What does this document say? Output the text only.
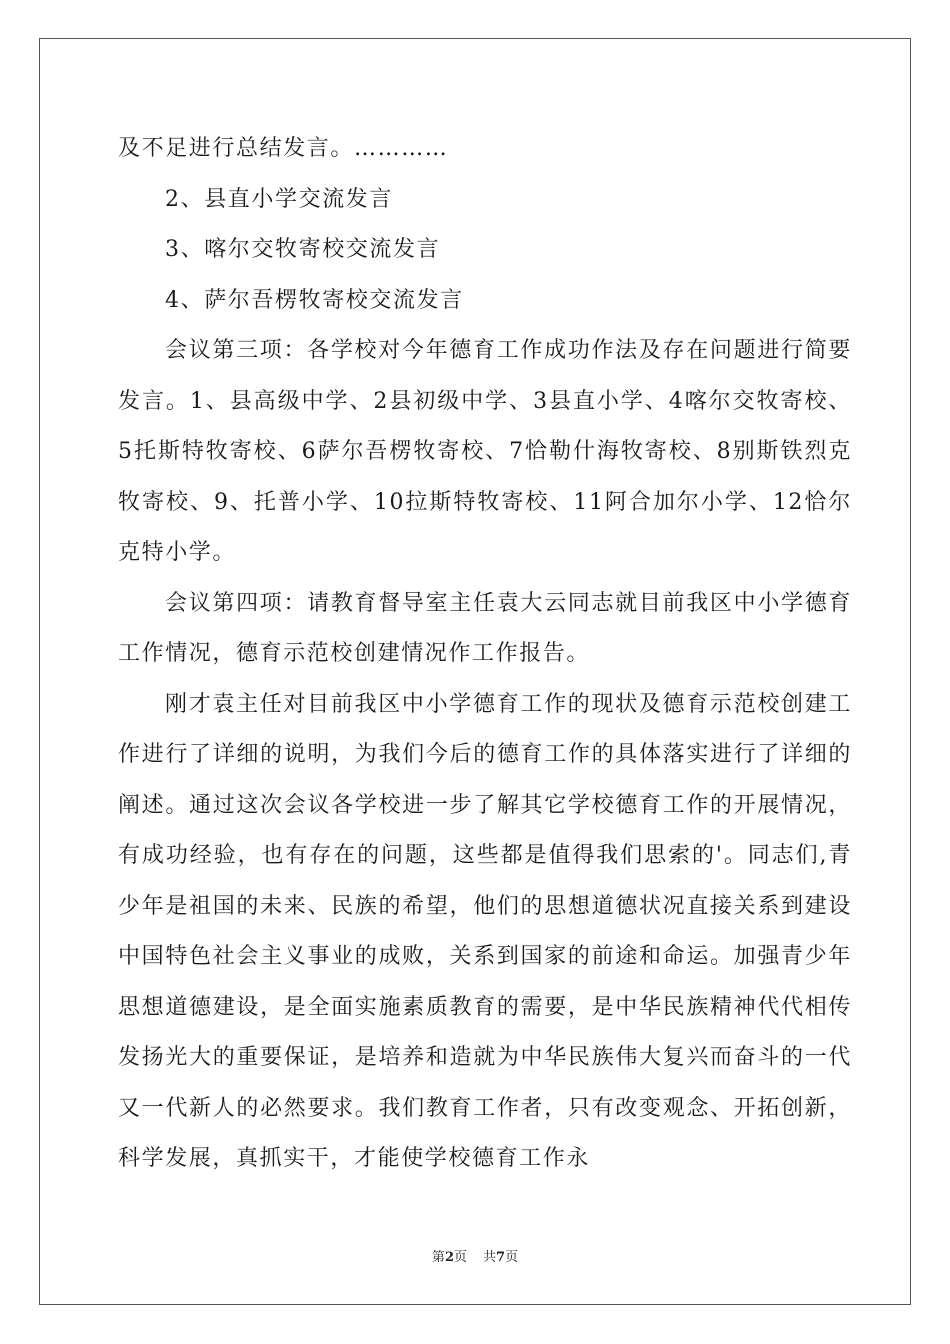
及不足进行总结发言。…………

2、县直小学交流发言

3、喀尔交牧寄校交流发言

4、萨尔吾楞牧寄校交流发言

会议第三项：各学校对今年德育工作成功作法及存在问题进行简要发言。1、县高级中学、2县初级中学、3县直小学、4喀尔交牧寄校、5托斯特牧寄校、6萨尔吾楞牧寄校、7恰勒什海牧寄校、8别斯铁烈克牧寄校、9、托普小学、10拉斯特牧寄校、11阿合加尔小学、12恰尔克特小学。

会议第四项：请教育督导室主任袁大云同志就目前我区中小学德育工作情况，德育示范校创建情况作工作报告。

刚才袁主任对目前我区中小学德育工作的现状及德育示范校创建工作进行了详细的说明，为我们今后的德育工作的具体落实进行了详细的阐述。通过这次会议各学校进一步了解其它学校德育工作的开展情况，有成功经验，也有存在的问题，这些都是值得我们思索的'。同志们,青少年是祖国的未来、民族的希望，他们的思想道德状况直接关系到建设中国特色社会主义事业的成败，关系到国家的前途和命运。加强青少年思想道德建设，是全面实施素质教育的需要，是中华民族精神代代相传发扬光大的重要保证，是培养和造就为中华民族伟大复兴而奋斗的一代又一代新人的必然要求。我们教育工作者，只有改变观念、开拓创新，科学发展，真抓实干，才能使学校德育工作永

第2页 共7页
